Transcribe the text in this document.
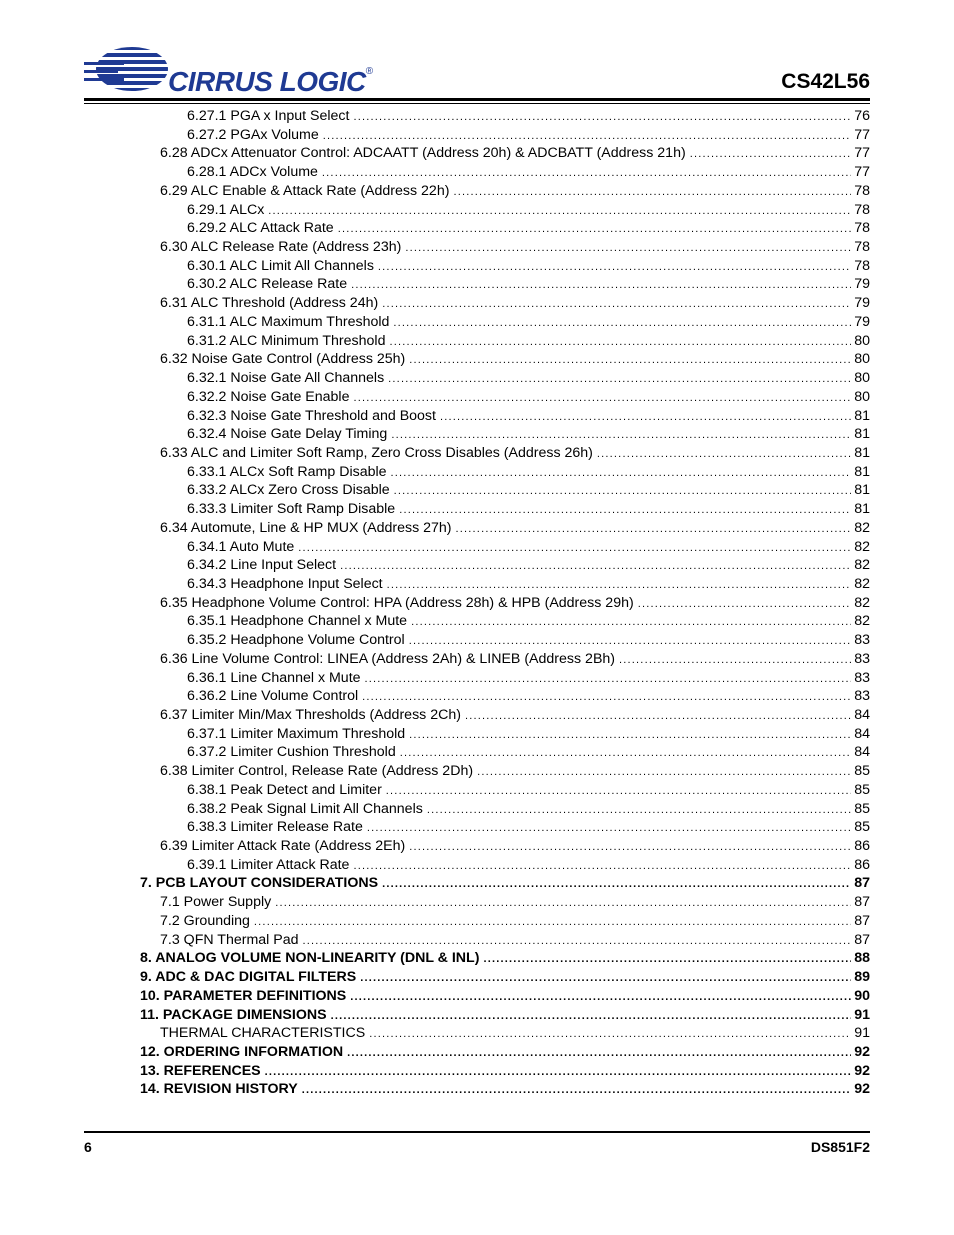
CIRRUS LOGIC®	CS42L56
6.27.1 PGA x Input Select .....	76
6.27.2 PGAx Volume .....	77
6.28 ADCx Attenuator Control: ADCAATT (Address 20h) & ADCBATT (Address 21h) .....	77
6.28.1 ADCx Volume .....	77
6.29 ALC Enable & Attack Rate (Address 22h) .....	78
6.29.1 ALCx .....	78
6.29.2 ALC Attack Rate .....	78
6.30 ALC Release Rate (Address 23h) .....	78
6.30.1 ALC Limit All Channels .....	78
6.30.2 ALC Release Rate .....	79
6.31 ALC Threshold (Address 24h) .....	79
6.31.1 ALC Maximum Threshold .....	79
6.31.2 ALC Minimum Threshold .....	80
6.32 Noise Gate Control (Address 25h) .....	80
6.32.1 Noise Gate All Channels .....	80
6.32.2 Noise Gate Enable .....	80
6.32.3 Noise Gate Threshold and Boost .....	81
6.32.4 Noise Gate Delay Timing .....	81
6.33 ALC and Limiter Soft Ramp, Zero Cross Disables (Address 26h) .....	81
6.33.1 ALCx Soft Ramp Disable .....	81
6.33.2 ALCx Zero Cross Disable .....	81
6.33.3 Limiter Soft Ramp Disable .....	81
6.34 Automute, Line & HP MUX (Address 27h) .....	82
6.34.1 Auto Mute .....	82
6.34.2 Line Input Select .....	82
6.34.3 Headphone Input Select .....	82
6.35 Headphone Volume Control: HPA (Address 28h) & HPB (Address 29h) .....	82
6.35.1 Headphone Channel x Mute .....	82
6.35.2 Headphone Volume Control .....	83
6.36 Line Volume Control: LINEA (Address 2Ah) & LINEB (Address 2Bh) .....	83
6.36.1 Line Channel x Mute .....	83
6.36.2 Line Volume Control .....	83
6.37 Limiter Min/Max Thresholds (Address 2Ch) .....	84
6.37.1 Limiter Maximum Threshold .....	84
6.37.2 Limiter Cushion Threshold .....	84
6.38 Limiter Control, Release Rate (Address 2Dh) .....	85
6.38.1 Peak Detect and Limiter .....	85
6.38.2 Peak Signal Limit All Channels .....	85
6.38.3 Limiter Release Rate .....	85
6.39 Limiter Attack Rate (Address 2Eh) .....	86
6.39.1 Limiter Attack Rate .....	86
7. PCB LAYOUT CONSIDERATIONS .....	87
7.1 Power Supply .....	87
7.2 Grounding .....	87
7.3 QFN Thermal Pad .....	87
8. ANALOG VOLUME NON-LINEARITY (DNL & INL) .....	88
9. ADC & DAC DIGITAL FILTERS .....	89
10. PARAMETER DEFINITIONS .....	90
11. PACKAGE DIMENSIONS .....	91
THERMAL CHARACTERISTICS .....	91
12. ORDERING INFORMATION .....	92
13. REFERENCES .....	92
14. REVISION HISTORY .....	92
6	DS851F2
